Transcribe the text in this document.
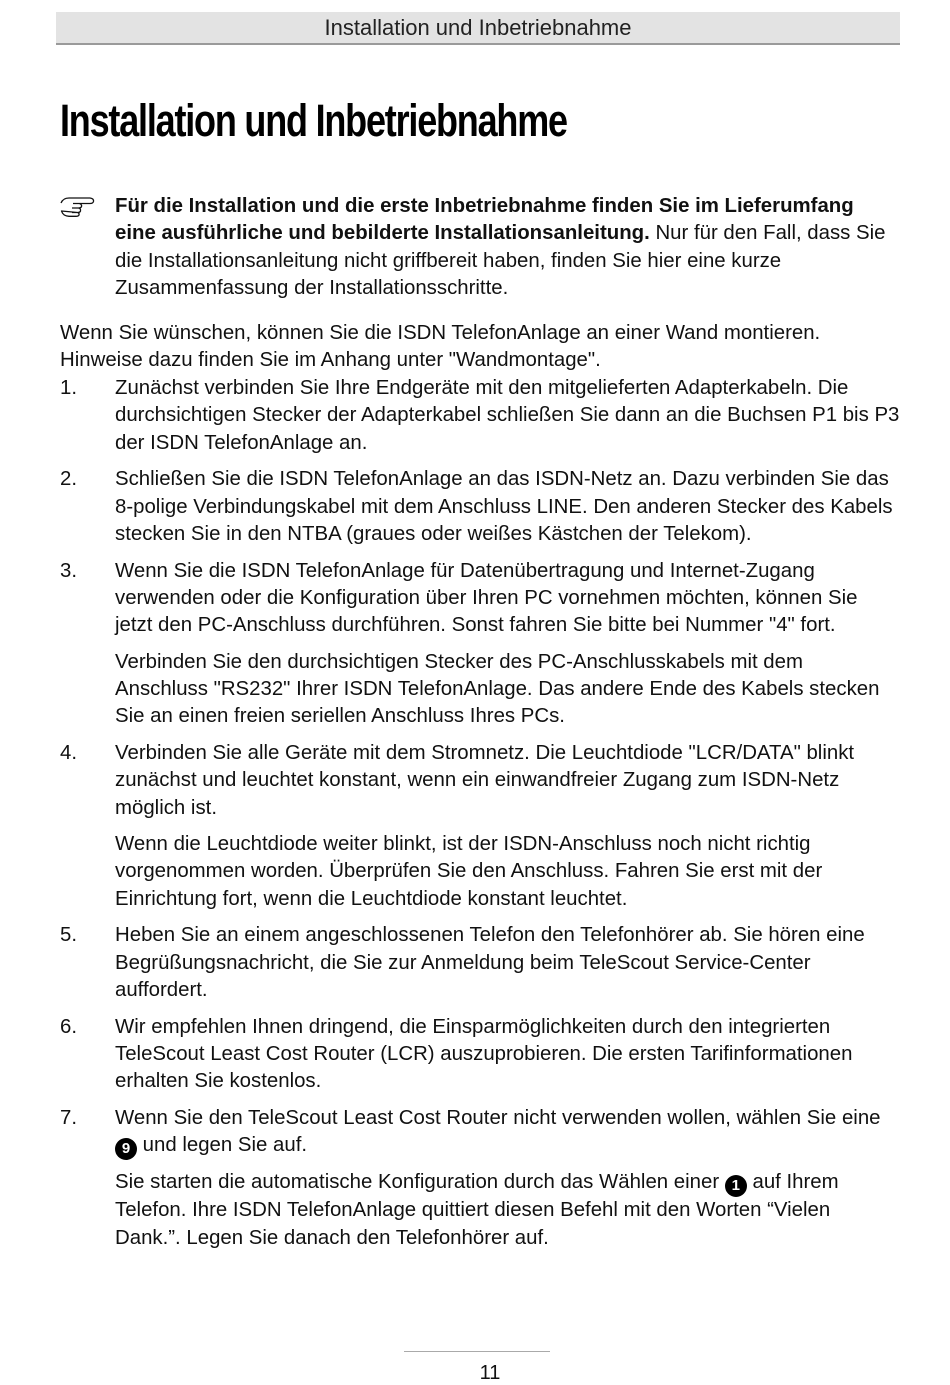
Installation und Inbetriebnahme
Installation und Inbetriebnahme
Für die Installation und die erste Inbetriebnahme finden Sie im Lieferumfang eine ausführliche und bebilderte Installationsanleitung. Nur für den Fall, dass Sie die Installationsanleitung nicht griffbereit haben, finden Sie hier eine kurze Zusammenfassung der Installationsschritte.

Wenn Sie wünschen, können Sie die ISDN TelefonAnlage an einer Wand montieren. Hinweise dazu finden Sie im Anhang unter "Wandmontage".

1. Zunächst verbinden Sie Ihre Endgeräte mit den mitgelieferten Adapterkabeln. Die durchsichtigen Stecker der Adapterkabel schließen Sie dann an die Buchsen P1 bis P3 der ISDN TelefonAnlage an.

2. Schließen Sie die ISDN TelefonAnlage an das ISDN-Netz an. Dazu verbinden Sie das 8-polige Verbindungskabel mit dem Anschluss LINE. Den anderen Stecker des Kabels stecken Sie in den NTBA (graues oder weißes Kästchen der Telekom).

3. Wenn Sie die ISDN TelefonAnlage für Datenübertragung und Internet-Zugang verwenden oder die Konfiguration über Ihren PC vornehmen möchten, können Sie jetzt den PC-Anschluss durchführen. Sonst fahren Sie bitte bei Nummer "4" fort.

Verbinden Sie den durchsichtigen Stecker des PC-Anschlusskabels mit dem Anschluss "RS232" Ihrer ISDN TelefonAnlage. Das andere Ende des Kabels stecken Sie an einen freien seriellen Anschluss Ihres PCs.

4. Verbinden Sie alle Geräte mit dem Stromnetz. Die Leuchtdiode "LCR/DATA" blinkt zunächst und leuchtet konstant, wenn ein einwandfreier Zugang zum ISDN-Netz möglich ist.

Wenn die Leuchtdiode weiter blinkt, ist der ISDN-Anschluss noch nicht richtig vorgenommen worden. Überprüfen Sie den Anschluss. Fahren Sie erst mit der Einrichtung fort, wenn die Leuchtdiode konstant leuchtet.

5. Heben Sie an einem angeschlossenen Telefon den Telefonhörer ab. Sie hören eine Begrüßungsnachricht, die Sie zur Anmeldung beim TeleScout Service-Center auffordert.

6. Wir empfehlen Ihnen dringend, die Einsparmöglichkeiten durch den integrierten TeleScout Least Cost Router (LCR) auszuprobieren. Die ersten Tarifinformationen erhalten Sie kostenlos.

7. Wenn Sie den TeleScout Least Cost Router nicht verwenden wollen, wählen Sie eine 9 und legen Sie auf.

Sie starten die automatische Konfiguration durch das Wählen einer 1 auf Ihrem Telefon. Ihre ISDN TelefonAnlage quittiert diesen Befehl mit den Worten “Vielen Dank.”. Legen Sie danach den Telefonhörer auf.

11
